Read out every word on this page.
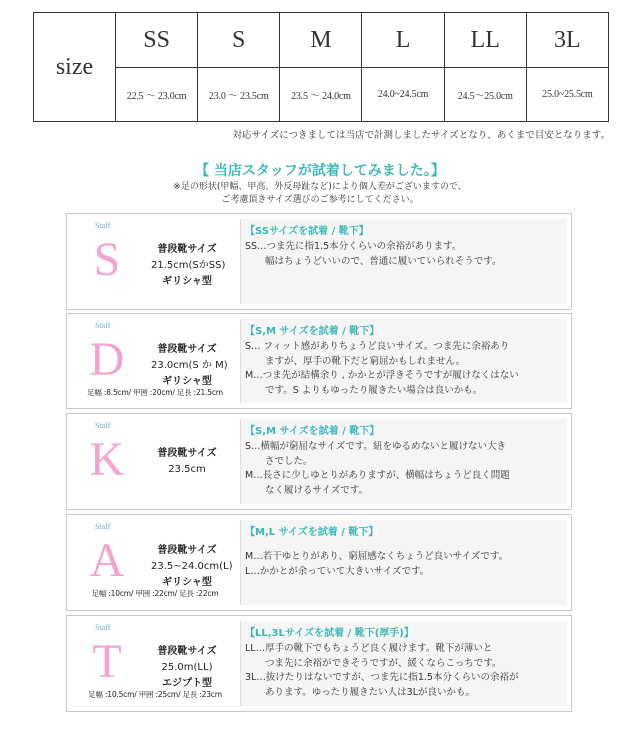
size	SS	S	M	L	LL	3L
	22.5 ～ 23.0cm	23.0 ～ 23.5cm	23.5 ～ 24.0cm	24.0~24.5cm	24.5～25.0cm	25.0~25.5cm
対応サイズにつきましては当店で計測しましたサイズとなり、あくまで目安となります。
【 当店スタッフが試着してみました。】
※足の形状(甲幅、甲高、外反母趾など)により個人差がございますので、
ご考慮頂きサイズ選びのご参考にしてください。
Staff
S	普段靴サイズ
21.5cm(SかSS)
ギリシャ型
【SSサイズを試着 / 靴下】
SS…つま先に指1.5本分くらいの余裕があります。
幅はちょうどいいので、普通に履いていられそうです。
Staff
D	普段靴サイズ
23.0cm(S か M)
ギリシャ型
足幅 :8.5cm/ 甲囲 :20cm/ 足長 :21.5cm
【S,M サイズを試着 / 靴下】
S… フィット感がありちょうど良いサイズ。つま先に余裕あり
ますが、厚手の靴下だと窮屈かもしれません。
M…つま先が結構余り , かかとが浮きそうですが履けなくはない
です。S よりもゆったり履きたい場合は良いかも。
Staff
K	普段靴サイズ
23.5cm
【S,M サイズを試着 / 靴下】
S…横幅が窮屈なサイズです。紐をゆるめないと履けない大き
さでした。
M…長さに少しゆとりがありますが、横幅はちょうど良く問題
なく履けるサイズです。
Staff
A	普段靴サイズ
23.5~24.0cm(L)
ギリシャ型
足幅 :10cm/ 甲囲 :22cm/ 足長 :22cm
【M,L サイズを試着 / 靴下】
M…若干ゆとりがあり、窮屈感なくちょうど良いサイズです。
L…かかとが余っていて大きいサイズです。
Staff
T	普段靴サイズ
25.0m(LL)
エジプト型
足幅 :10.5cm/ 甲囲 :25cm/ 足長 :23cm
【LL,3Lサイズを試着 / 靴下(厚手)】
LL…厚手の靴下でもちょうど良く履けます。靴下が薄いと
つま先に余裕ができそうですが、緩くならこっちです。
3L…抜けたりはないですが、つま先に指1.5本分くらいの余裕が
あります。ゆったり履きたい人は3Lが良いかも。
